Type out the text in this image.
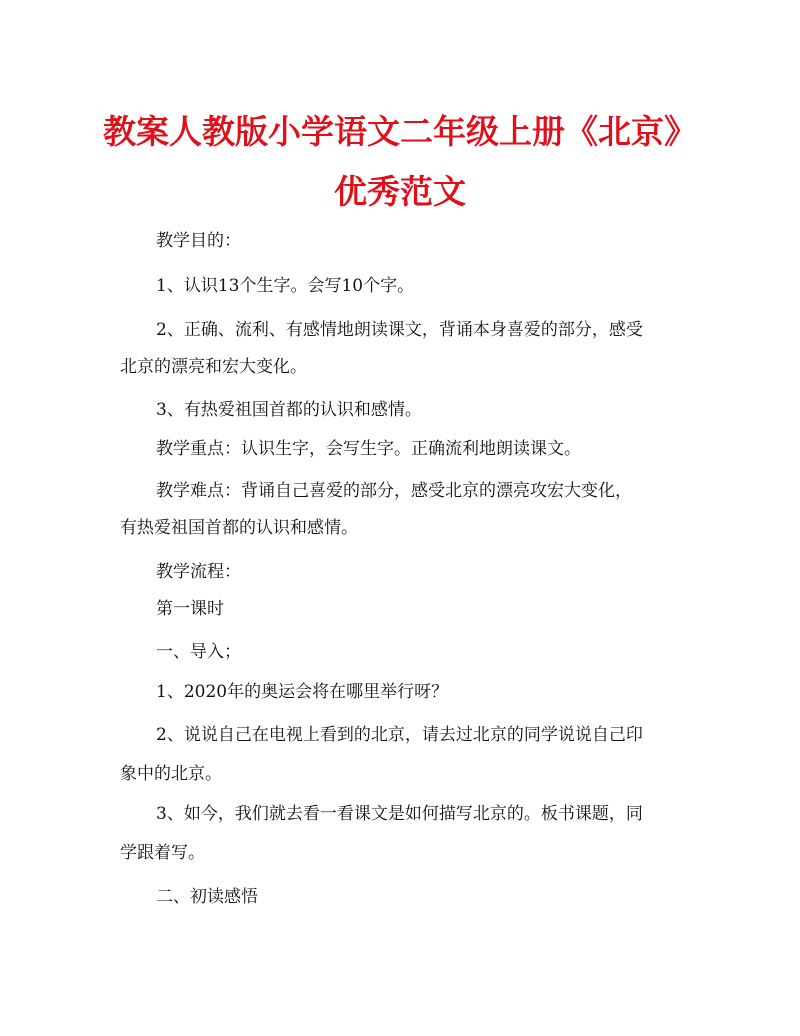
教案人教版小学语文二年级上册《北京》
优秀范文
教学目的：
1、认识13个生字。会写10个字。
2、正确、流利、有感情地朗读课文，背诵本身喜爱的部分，感受
北京的漂亮和宏大变化。
3、有热爱祖国首都的认识和感情。
教学重点：认识生字，会写生字。正确流利地朗读课文。
教学难点：背诵自己喜爱的部分，感受北京的漂亮攻宏大变化，
有热爱祖国首都的认识和感情。
教学流程：
第一课时
一、导入；
1、2020年的奥运会将在哪里举行呀？
2、说说自己在电视上看到的北京，请去过北京的同学说说自己印
象中的北京。
3、如今，我们就去看一看课文是如何描写北京的。板书课题，同
学跟着写。
二、初读感悟
